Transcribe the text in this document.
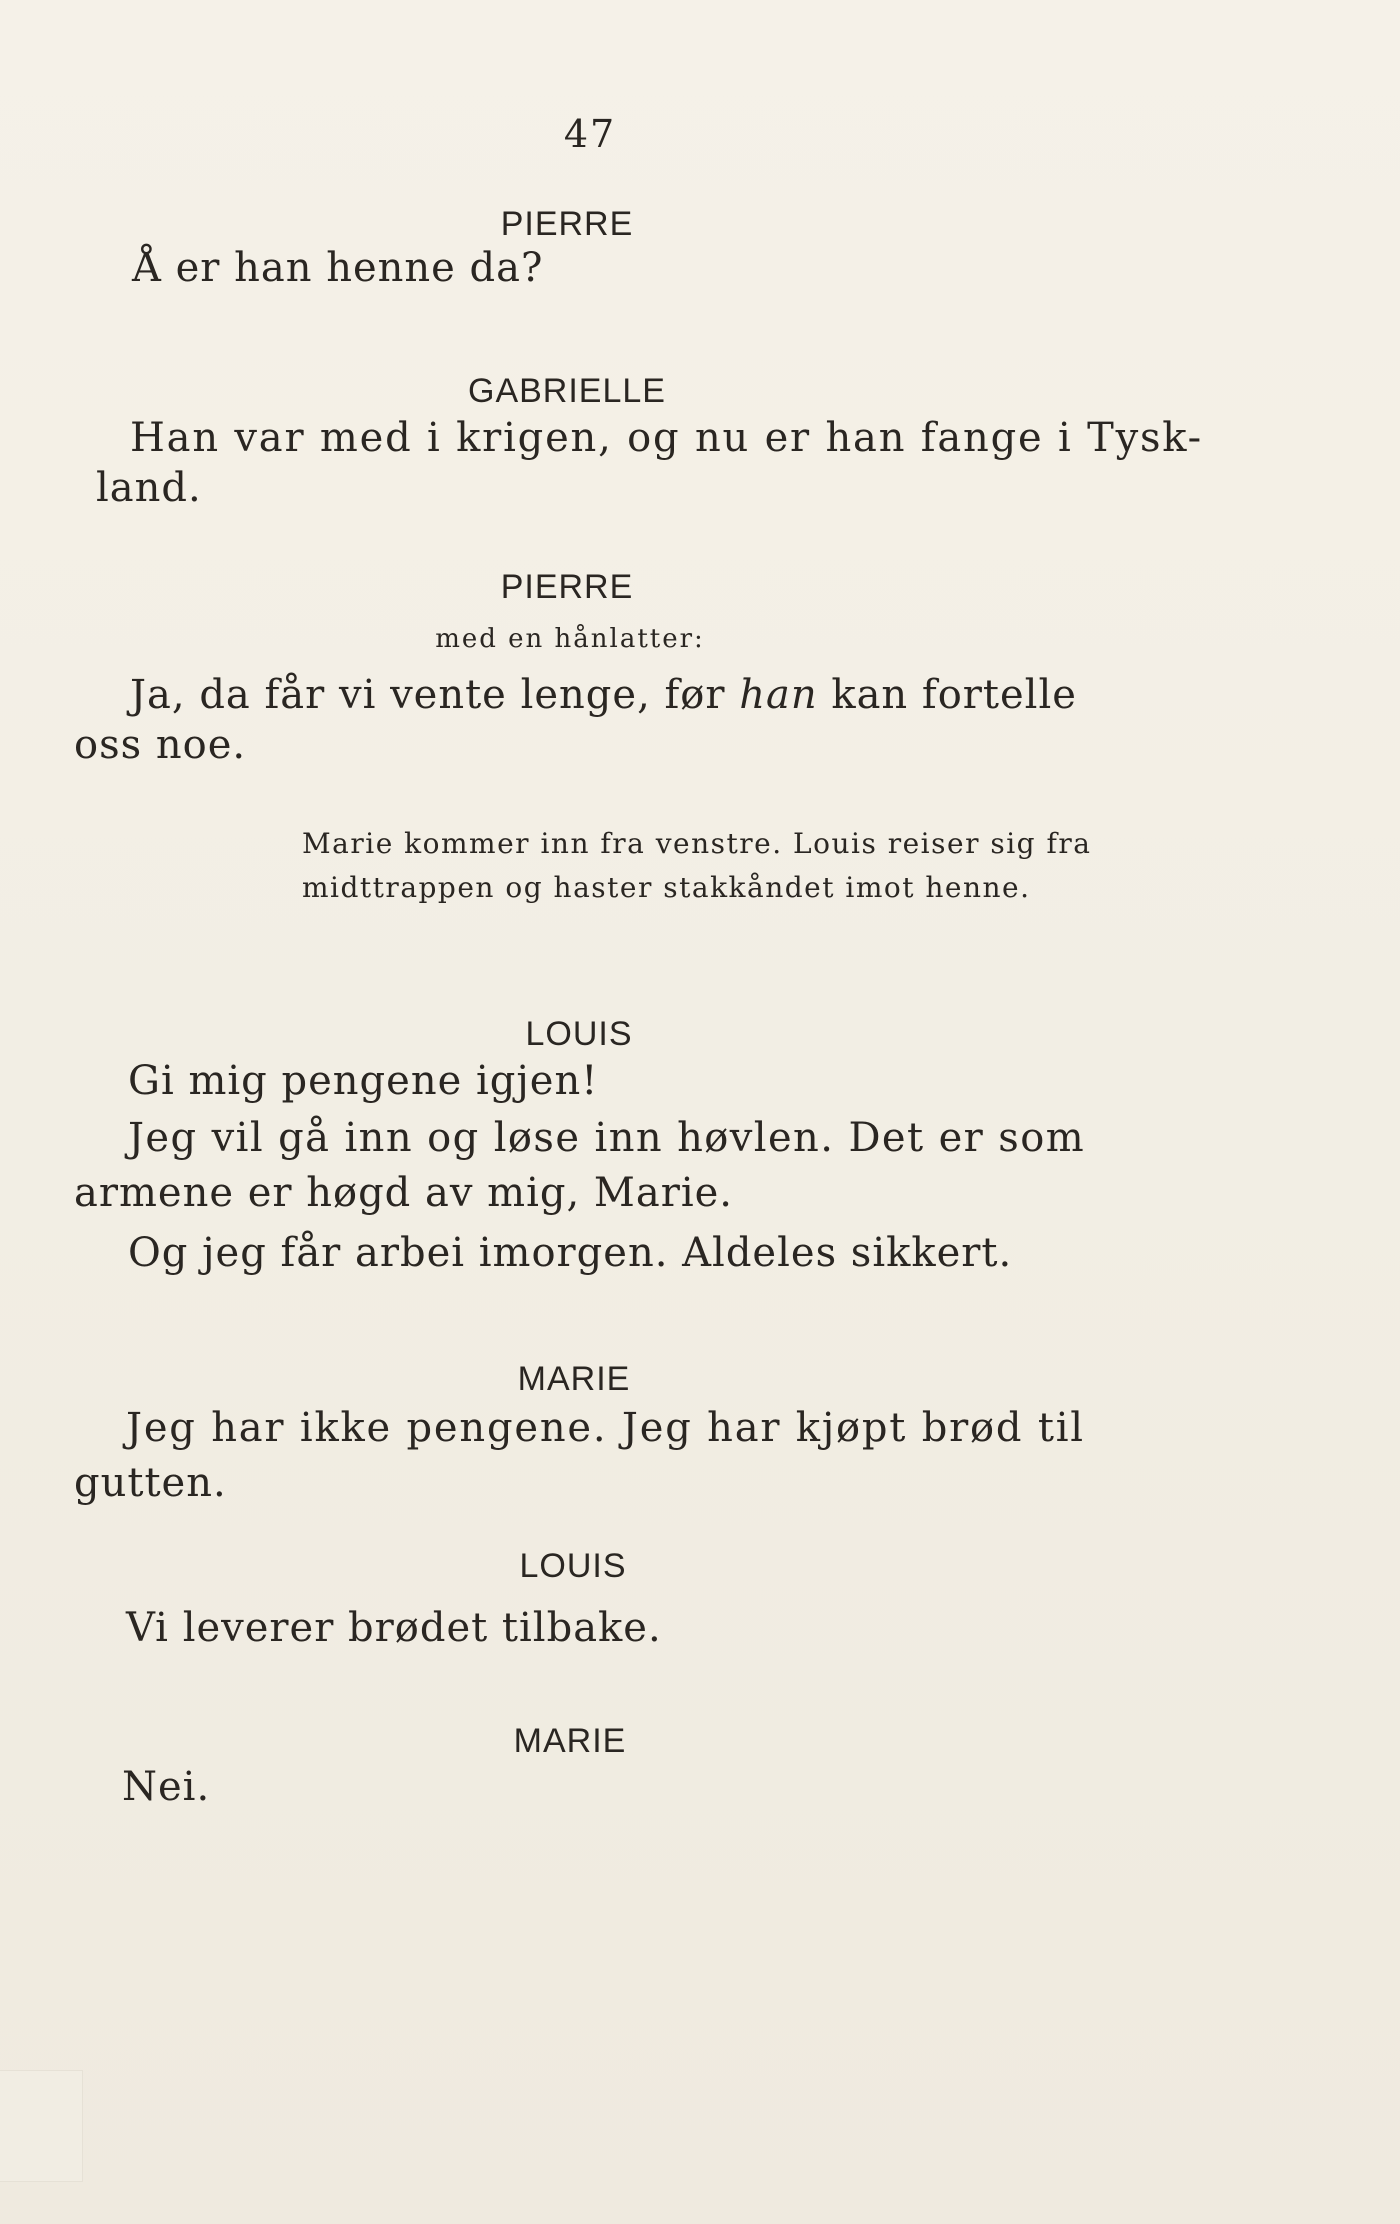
47
PIERRE
Å er han henne da?
GABRIELLE
Han var med i krigen, og nu er han fange i Tysk-
land.
PIERRE
med en hånlatter:
Ja, da får vi vente lenge, før han kan fortelle
oss noe.
Marie kommer inn fra venstre. Louis reiser sig fra midttrappen og haster stakkåndet imot henne.
LOUIS
Gi mig pengene igjen!
Jeg vil gå inn og løse inn høvlen. Det er som
armene er høgd av mig, Marie.
Og jeg får arbei imorgen. Aldeles sikkert.
MARIE
Jeg har ikke pengene. Jeg har kjøpt brød til
gutten.
LOUIS
Vi leverer brødet tilbake.
MARIE
Nei.
